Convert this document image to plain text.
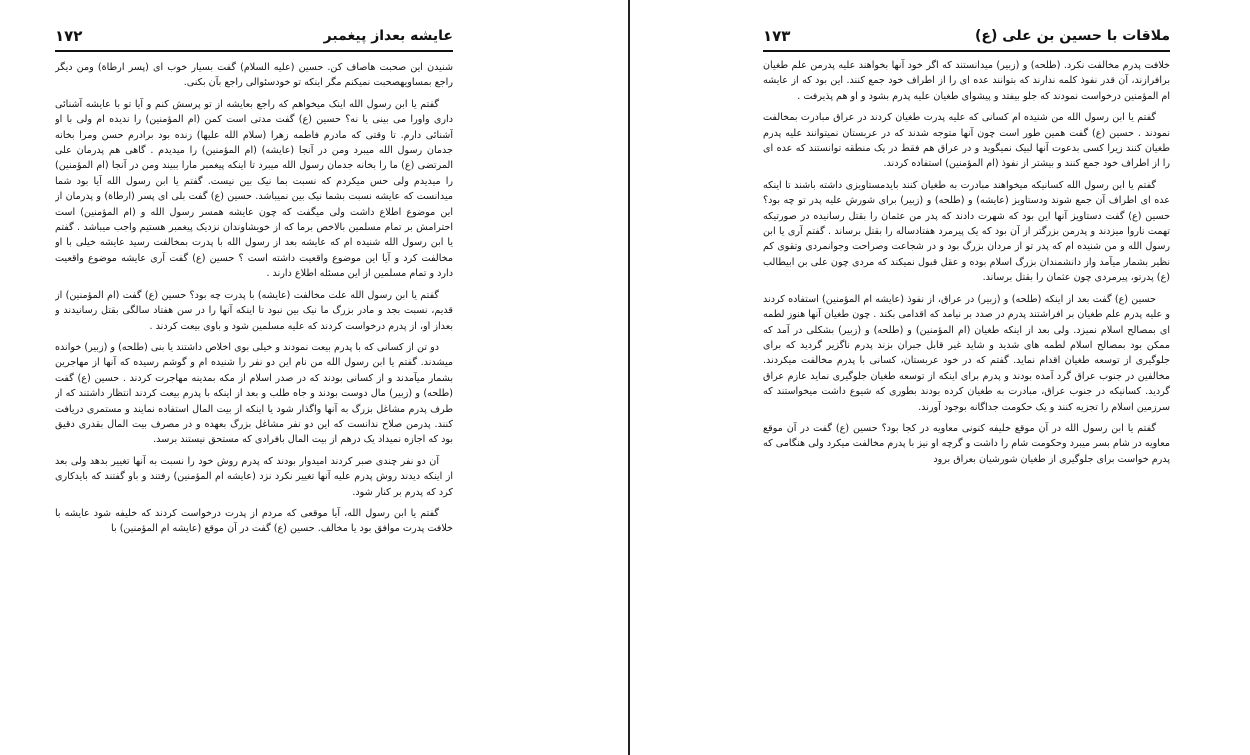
عایشه بعداز پیغمبر
۱۷۲

شنیدن این صحبت هاصاف کن. حسین (علیه السلام) گفت بسیار خوب ای (پسر ارطاة) ومن دیگر راجع بمساویهصحبت نمیکنم مگر اینکه تو خودسئوالی راجع بآن بکنی.

گفتم یا ابن رسول الله اینک میخواهم که راجع بعایشه از تو پرسش کنم و آیا تو با عایشه آشنائی داری واورا می بینی یا نه؟ حسین (ع) گفت مدتی است کمن (ام المؤمنین) را ندیده ام ولی با او آشنائی دارم. تا وقتی که مادرم فاطمه زهرا (سلام الله علیها) زنده بود برادرم حسن ومرا بخانه جدمان رسول الله میبرد ومن در آنجا (عایشه) (ام المؤمنین) را میدیدم . گاهی هم پدرمان علی المرتضی (ع) ما را بخانه جدمان رسول الله میبرد تا اینکه پیغمبر مارا ببیند ومن در آنجا (ام المؤمنین) را میدیدم ولی حس میکردم که نسبت بما نیک بین نیست. گفتم یا ابن رسول الله آیا بود شما میدانست که عایشه نسبت بشما نیک بین نمیباشد. حسین (ع) گفت بلی ای پسر (ارطاة) و پدرمان از این موضوع اطلاع داشت ولی میگفت که چون عایشه همسر رسول الله و (ام المؤمنین) است احترامش بر تمام مسلمین بالاخص برما که از خویشاوندان نزدیک پیغمبر هستیم واجب میباشد . گفتم یا ابن رسول الله شنیده ام که عایشه بعد از رسول الله با پدرت بمخالفت رسید عایشه خیلی با او مخالفت کرد و آیا این موضوع واقعیت داشته است ؟ حسین (ع) گفت آری عایشه موضوع واقعیت دارد و تمام مسلمین از این مسئله اطلاع دارند .

گفتم یا ابن رسول الله علت مخالفت (عایشه) با پدرت چه بود؟ حسین (ع) گفت (ام المؤمنین) از قدیم، نسبت بجد و مادر بزرگ ما نیک بین نبود تا اینکه آنها را در سن هفتاد سالگی بقتل رسانیدند و بعداز او، از پدرم درخواست کردند که علیه مسلمین شود و باوی بیعت کردند .

دو تن از کسانی که با پدرم بیعت نمودند و خیلی بوی اخلاص داشتند یا بنی (طلحه) و (زبیر) خوانده میشدند. گفتم یا ابن رسول الله من نام این دو نفر را شنیده ام و گوشم رسیده که آنها از مهاجرین بشمار میآمدند و از کسانی بودند که در صدر اسلام از مکه بمدینه مهاجرت کردند . حسین (ع) گفت (طلحه) و (زبیر) مال دوست بودند و جاه طلب و بعد از اینکه با پدرم بیعت کردند انتظار داشتند که از طرف پدرم مشاغل بزرگ به آنها واگذار شود یا اینکه از بیت المال استفاده نمایند و مستمری دریافت کنند. پدرمن صلاح ندانست که این دو نفر مشاغل بزرگ بعهده و در مصرف بیت المال بقدری دقیق بود که اجازه نمیداد یک درهم از بیت المال بافرادی که مستحق نیستند برسد.

آن دو نفر چندی صبر کردند امیدوار بودند که پدرم روش خود را نسبت به آنها تغییر بدهد ولی بعد از اینکه دیدند روش پدرم علیه آنها تغییر نکرد نزد (عایشه ام المؤمنین) رفتند و باو گفتند که بایدکاری کرد که پدرم بر کنار شود.

گفتم یا ابن رسول الله، آیا موقعی که مردم از پدرت درخواست کردند که خلیفه شود عایشه با خلافت پدرت موافق بود یا مخالف. حسین (ع) گفت در آن موقع (عایشه ام المؤمنین) با

ملاقات با حسین بن علی (ع)
۱۷۳

خلافت پدرم مخالفت نکرد. (طلحه) و (زبیر) میدانستند که اگر خود آنها بخواهند علیه پدرمن علم طغیان برافرازند، آن قدر نفوذ کلمه ندارند که بتوانند عده ای را از اطراف خود جمع کنند. این بود که از عایشه ام المؤمنین درخواست نمودند که جلو بیفتد و پیشوای طغیان علیه پدرم بشود و او هم پذیرفت .

گفتم یا ابن رسول الله من شنیده ام کسانی که علیه پدرت طغیان کردند در عراق مبادرت بمخالفت نمودند . حسین (ع) گفت همین طور است چون آنها متوجه شدند که در عربستان نمیتوانند علیه پدرم طغیان کنند زیرا کسی بدعوت آنها لبیک نمیگوید و در عراق هم فقط در یک منطقه توانستند که عده ای را از اطراف خود جمع کنند و بیشتر از نفوذ (ام المؤمنین) استفاده کردند.

گفتم یا ابن رسول الله کسانیکه میخواهند مبادرت به طغیان کنند بایدمستاویزی داشته باشند تا اینکه عده ای اطراف آن جمع شوند ودستاویز (عایشه) و (طلحه) و (زبیر) برای شورش علیه پدر تو چه بود؟ حسین (ع) گفت دستاویز آنها این بود که شهرت دادند که پدر من عثمان را بقتل رسانیده در صورتیکه تهمت ناروا میزدند و پدرمن بزرگتر از آن بود که یک پیرمرد هفتادساله را بقتل برساند . گفتم آری یا ابن رسول الله و من شنیده ام که پدر تو از مردان بزرگ بود و در شجاعت وصراحت وجوانمردی وتقوی کم نظیر بشمار میآمد واز دانشمندان بزرگ اسلام بوده و عقل قبول نمیکند که مردی چون علی بن ابیطالب (ع) پدرتو، پیرمردی چون عثمان را بقتل برساند.

حسین (ع) گفت بعد از اینکه (طلحه) و (زبیر) در عراق، از نفوذ (عایشه ام المؤمنین) استفاده کردند و علیه پدرم علم طغیان بر افراشتند پدرم در صدد بر نیامد که اقدامی بکند . چون طغیان آنها هنوز لطمه ای بمصالح اسلام نمیزد. ولی بعد از اینکه طغیان (ام المؤمنین) و (طلحه) و (زبیر) بشکلی در آمد که ممکن بود بمصالح اسلام لطمه های شدید و شاید غیر قابل جبران بزند پدرم ناگزیر گردید که برای جلوگیری از توسعه طغیان اقدام نماید. گفتم که در خود عربستان، کسانی با پدرم مخالفت میکردند. مخالفین در جنوب عراق گرد آمده بودند و پدرم برای اینکه از توسعه طغیان جلوگیری نماید عازم عراق گردید. کسانیکه در جنوب عراق، مبادرت به طغیان کرده بودند بطوری که شیوع داشت میخواستند که سرزمین اسلام را تجزیه کنند و یک حکومت جداگانه بوجود آورند.

گفتم یا ابن رسول الله در آن موقع خلیفه کنونی معاویه در کجا بود؟ حسین (ع) گفت در آن موقع معاویه در شام بسر میبرد وحکومت شام را داشت و گرچه او نیز با پدرم مخالفت میکرد ولی هنگامی که پدرم خواست برای جلوگیری از طغیان شورشیان بعراق برود
